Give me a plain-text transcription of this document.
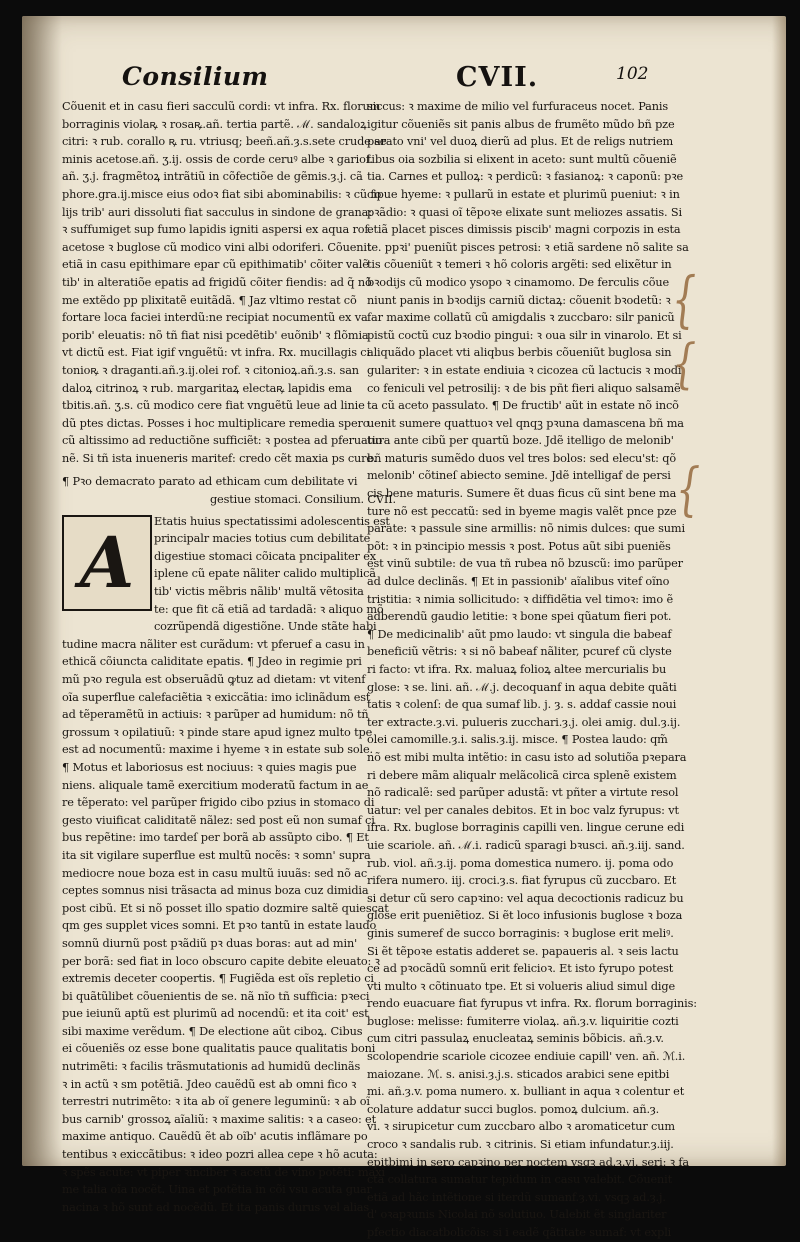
Consilium	CVII.	102

Cõuenit et in casu fieri sacculũ cordi: vt infra. Rx. florum

borraginis violaꝶ ꝛ rosaꝶ.añ. tertia partẽ. ℳ. sandaloꝝ

citri: ꝛ rub. corallo ꝶ ru. vtriusq; beeñ.añ.ȝ.s.sete crude se

minis acetose.añ. ʒ.ij. ossis de corde ceruꝰ albe ꝛ gariof.

añ. ʒ.j. fragmẽtoꝝ intrãtiũ in cõfectiõe de gẽmis.ȝ.j. cã

phore.gra.ij.misce eius odoꝛ fiat sibi abominabilis: ꝛ cũ fo

lijs trib' auri dissoluti fiat sacculus in sindone de grana:

ꝛ suffumiget sup fumo lapidis igniti aspersi ex aqua rof.

acetose ꝛ buglose cũ modico vini albi odoriferi. Cõuenit

etiã in casu epithimare epar cũ epithimatib' cõiter valẽ

tib' in alteratiõe epatis ad frigidũ cõiter fiendis: ad q̃ nõ

me extẽdo pp plixitatẽ euitãdã. ¶ Jaz vltimo restat cõ

fortare loca faciei interdũ:ne recipiat nocumentũ ex va

porib' eleuatis: nõ tñ fiat nisi pcedẽtib' euõnib' ꝛ flõmia

vt dictũ est. Fiat igif vnguẽtũ: vt infra. Rx. mucillagis ci

tonioꝶ ꝛ draganti.añ.ȝ.ij.olei rof. ꝛ citonioꝝ.añ.ȝ.s. san

daloꝝ citrinoꝝ ꝛ rub. margaritaꝝ electaꝶ lapidis ema

tbitis.añ. ʒ.s. cũ modico cere fiat vnguẽtũ leue ad linie

dũ ptes dictas. Posses i hoc multiplicare remedia spero

cũ altissimo ad reductiõne sufficiẽt: ꝛ postea ad pferuatio

nẽ. Si tñ ista inueneris maritef: credo cẽt maxia ps cure.

¶ Pꝛo demacrato parato ad ethicam cum debilitate vi

gestiue stomaci. Consilium. CVII.

A	Etatis huius spectatissimi adolescentis est

principalr macies totius cum debilitate

digestiue stomaci cõicata pncipaliter ex

iplene cũ epate nãliter calido multiplicã

tib' victis mẽbris nãlib' multã vẽtosita

te: que fit cã etiã ad tardadã: ꝛ aliquo mõ

cozrũpendã digestiõne. Unde stãte habi

tudine macra nãliter est curãdum: vt pferuef a casu in

ethicã cõiuncta caliditate epatis. ¶ Jdeo in regimie pri

mũ pꝛo regula est obseruãdũ ꝙtuz ad dietam: vt vitenf

oĩa superflue calefaciẽtia ꝛ exiccãtia: imo iclinãdum est

ad tẽperamẽtũ in actiuis: ꝛ parũper ad humidum: nõ tñ

grossum ꝛ opilatiuũ: ꝛ pinde stare apud ignez multo tpe

est ad nocumentũ: maxime i hyeme ꝛ in estate sub sole.

¶ Motus et laboriosus est nociuus: ꝛ quies magis pue

niens. aliquale tamẽ exercitium moderatũ factum in ae

re tẽperato: vel parũper frigido cibo pzius in stomaco di

gesto viuificat caliditatẽ nãlez: sed post eũ non sumaf ci

bus repẽtine: imo tardeſ per borã ab assũpto cibo. ¶ Et

ita sit vigilare superflue est multũ nocẽs: ꝛ somn' supra

mediocre noue boza est in casu multũ iuuãs: sed nõ ac

ceptes somnus nisi trãsacta ad minus boza cuz dimidia

post cibũ. Et si nõ posset illo spatio dozmire saltẽ quiescat

qm ges supplet vices somni. Et pꝛo tantũ in estate laudo

somnũ diurnũ post pꝛãdiũ pꝛ duas boras: aut ad min'

per borã: sed fiat in loco obscuro capite debite eleuato: ꝛ

extremis deceter coopertis. ¶ Fugiẽda est oĩs repletio ci

bi quãtũlibet cõuenientis de se. nã nĩo tñ sufficia: pꝛeci

pue ieiunũ aptũ est plurimũ ad nocendũ: et ita coit' est

sibi maxime verẽdum. ¶ De electione aũt ciboꝝ. Cibus

ei cõueniẽs oz esse bone qualitatis pauce qualitatis boni

nutrimẽti: ꝛ facilis trãsmutationis ad humidũ declinãs

ꝛ in actũ ꝛ sm potẽtiã. Jdeo cauẽdũ est ab omni fico ꝛ

terrestri nutrimẽto: ꝛ ita ab oĩ genere leguminũ: ꝛ ab oĩ

bus carnib' grossoꝝ aĩaliũ: ꝛ maxime salitis: ꝛ a caseo: et

maxime antiquo. Cauẽdũ ẽt ab oĩb' acutis inflãmare po

tentibus ꝛ exiccãtibus: ꝛ ideo pozri allea cepe ꝛ hõ acuta:

ꝛ spẽs acute: vt piper ꝛinciber ꝛ acetũ de vino potẽti: maxĩ

me talia oĩa nocẽt. Uina et potẽtia in cõi vsu acuta guar

nacina ꝛ hõ sunt ad nocẽdũ. Et ita panis durus vel alias

siccus: ꝛ maxime de milio vel furfuraceus nocet. Panis

igitur cõueniẽs sit panis albus de frumẽto mũdo bñ pze

parato vni' vel duoꝝ dierũ ad plus. Et de religs nutriem

tibus oia sozbilia si elixent in aceto: sunt multũ cõueniẽ

tia. Carnes et pulloꝝ: ꝛ perdicũ: ꝛ fasianoꝝ: ꝛ caponũ: pꝛe

cipue hyeme: ꝛ pullarũ in estate et plurimũ pueniut: ꝛ in

pꝛãdio: ꝛ quasi oĩ tẽpoꝛe elixate sunt meliozes assatis. Si

etiã placet pisces dimissis piscib' magni corpozis in esta

te. ppꝛi' pueniũt pisces petrosi: ꝛ etiã sardene nõ salite sa

tis cõueniũt ꝛ temeri ꝛ hõ coloris argẽti: sed elixẽtur in

bꝛodijs cũ modico ysopo ꝛ cinamomo. De ferculis cõue

niunt panis in bꝛodijs carniũ dictaꝝ: cõuenit bꝛodetũ: ꝛ

far maxime collatũ cũ amigdalis ꝛ zuccbaro: silr panicũ

pistũ coctũ cuz bꝛodio pingui: ꝛ oua silr in vinarolo. Et si

aliquãdo placet vti aliqbus berbis cõueniũt buglosa sin

gulariter: ꝛ in estate endiuia ꝛ cicozea cũ lactucis ꝛ modi

co feniculi vel petrosilij: ꝛ de bis pñt fieri aliquo salsamẽ

ta cũ aceto passulato. ¶ De fructib' aũt in estate nõ incõ

uenit sumere quattuoꝛ vel qnqꝫ pꝛuna damascena bñ ma

tura ante cibũ per quartũ boze. Jdẽ itelligo de melonib'

bñ maturis sumẽdo duos vel tres bolos: sed elecu'st: qõ

melonib' cõtineſ abiecto semine. Jdẽ intelligaf de persi

cis bene maturis. Sumere ẽt duas ficus cũ sint bene ma

ture nõ est peccatũ: sed in byeme magis valẽt pnce pze

parate: ꝛ passule sine armillis: nõ nimis dulces: que sumi

põt: ꝛ in pꝛincipio messis ꝛ post. Potus aũt sibi pueniẽs

est vinũ subtile: de vua tñ rubea nõ bzuscũ: imo parũper

ad dulce declinãs. ¶ Et in passionib' aĩalibus vitef oĩno

tristitia: ꝛ nimia sollicitudo: ꝛ diffidẽtia vel timoꝛ: imo ẽ

adberendũ gaudio letitie: ꝛ bone spei qũatum fieri pot.

¶ De medicinalib' aũt pmo laudo: vt singula die babeaf

beneficiũ vẽtris: ꝛ si nõ babeaf nãliter, pcuref cũ clyste

ri facto: vt ifra. Rx. maluaꝝ folioꝝ altee mercurialis bu

glose: ꝛ se. lini. añ. ℳ.j. decoquanf in aqua debite quãti

tatis ꝛ colenſ: de qua sumaf lib. j. ȝ. s. addaf cassie noui

ter extracte.ȝ.vi. pulueris zucchari.ȝ.j. olei amig. dul.ȝ.ij.

olei camomille.ȝ.i. salis.ȝ.ij. misce. ¶ Postea laudo: qm̃

nõ est mibi multa intẽtio: in casu isto ad solutiõa pꝛepara

ri debere mãm aliqualr melãcolicã circa splenẽ existem

nõ radicalẽ: sed parũper adustã: vt pñter a virtute resol

uatur: vel per canales debitos. Et in boc valz fyrupus: vt

ifra. Rx. buglose borraginis capilli ven. lingue cerune edi

uie scariole. añ. ℳ.i. radicũ sparagi bꝛusci. añ.ȝ.iij. sand.

rub. viol. añ.ȝ.ij. poma domestica numero. ij. poma odo

rifera numero. iij. croci.ȝ.s. fiat fyrupus cũ zuccbaro. Et

si detur cũ sero capꝛino: vel aqua decoctionis radicuz bu

glose erit pueniẽtioz. Si ẽt loco infusionis buglose ꝛ boza

ginis sumeref de succo borraginis: ꝛ buglose erit meliꝰ.

Si ẽt tẽpoꝛe estatis adderet se. papaueris al. ꝛ seis lactu

ce ad pꝛocãdũ somnũ erit felicioꝛ. Et isto fyrupo potest

vti multo ꝛ cõtinuato tpe. Et si volueris aliud simul dige

rendo euacuare fiat fyrupus vt infra. Rx. florum borraginis:

buglose: melisse: fumiterre violaꝝ. añ.ȝ.v. liquiritie cozti

cum citri passulaꝝ enucleataꝝ seminis bõbicis. añ.ȝ.v.

scolopendrie scariole cicozee endiuie capill' ven. añ. ℳ.i.

maiozane. ℳ. s. anisi.ȝ.j.s. sticados arabici sene epitbi

mi. añ.ȝ.v. poma numero. x. bulliant in aqua ꝛ colentur et

colature addatur succi buglos. pomoꝝ dulcium. añ.ȝ.

vi. ꝛ sirupicetur cum zuccbaro albo ꝛ aromaticetur cum

croco ꝛ sandalis rub. ꝛ citrinis. Si etiam infundatur.ȝ.iij.

epitbimi in sero capꝛino per noctem vsqꝫ ad.ȝ.vj. seri: ꝛ fa

cta collatura sumatur tepidum in casu valebit. Cõuenit

etiã ad hãc intẽtione si iterdũ sumanf.ȝ.vi. vsqꝫ ad.ȝ.j.

d' oꝛapꝛunis Nicolai nõ solutiuo. Ualebit ẽt singlariter

pfectio diacatbolicõis: si i eadẽ qãtitate sumaf: vt expli

{
{
{
